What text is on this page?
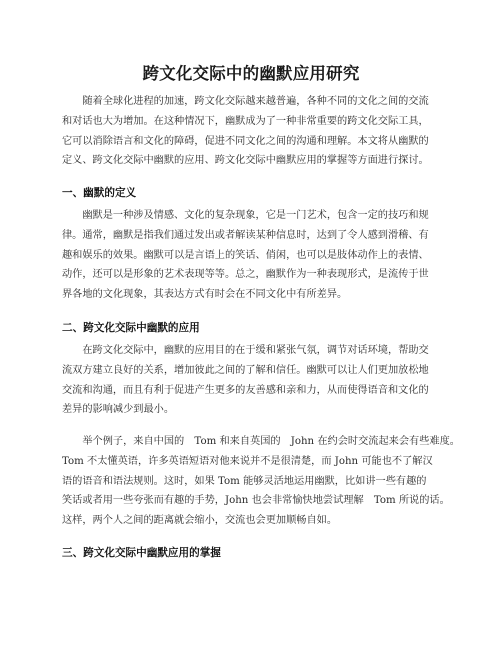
跨文化交际中的幽默应用研究

　　随着全球化进程的加速，跨文化交际越来越普遍，各种不同的文化之间的交流

和对话也大为增加。在这种情况下，幽默成为了一种非常重要的跨文化交际工具，

它可以消除语言和文化的障碍，促进不同文化之间的沟通和理解。本文将从幽默的

定义、跨文化交际中幽默的应用、跨文化交际中幽默应用的掌握等方面进行探讨。

一、幽默的定义

　　幽默是一种涉及情感、文化的复杂现象，它是一门艺术，包含一定的技巧和规

律。通常，幽默是指我们通过发出或者解读某种信息时，达到了令人感到滑稽、有

趣和娱乐的效果。幽默可以是言语上的笑话、俏闲，也可以是肢体动作上的表情、

动作，还可以是形象的艺术表现等等。总之，幽默作为一种表现形式，是流传于世

界各地的文化现象，其表达方式有时会在不同文化中有所差异。

二、跨文化交际中幽默的应用

　　在跨文化交际中，幽默的应用目的在于缓和紧张气氛，调节对话环境，帮助交

流双方建立良好的关系，增加彼此之间的了解和信任。幽默可以让人们更加放松地

交流和沟通，而且有利于促进产生更多的友善感和亲和力，从而使得语音和文化的

差异的影响减少到最小。

　　举个例子，来自中国的　Tom 和来自英国的　John 在约会时交流起来会有些难度。

Tom 不太懂英语，许多英语短语对他来说并不是很清楚，而 John 可能也不了解汉

语的语音和语法规则。这时，如果 Tom 能够灵活地运用幽默，比如讲一些有趣的

笑话或者用一些夸张而有趣的手势，John 也会非常愉快地尝试理解　Tom 所说的话。

这样，两个人之间的距离就会缩小，交流也会更加顺畅自如。

三、跨文化交际中幽默应用的掌握
